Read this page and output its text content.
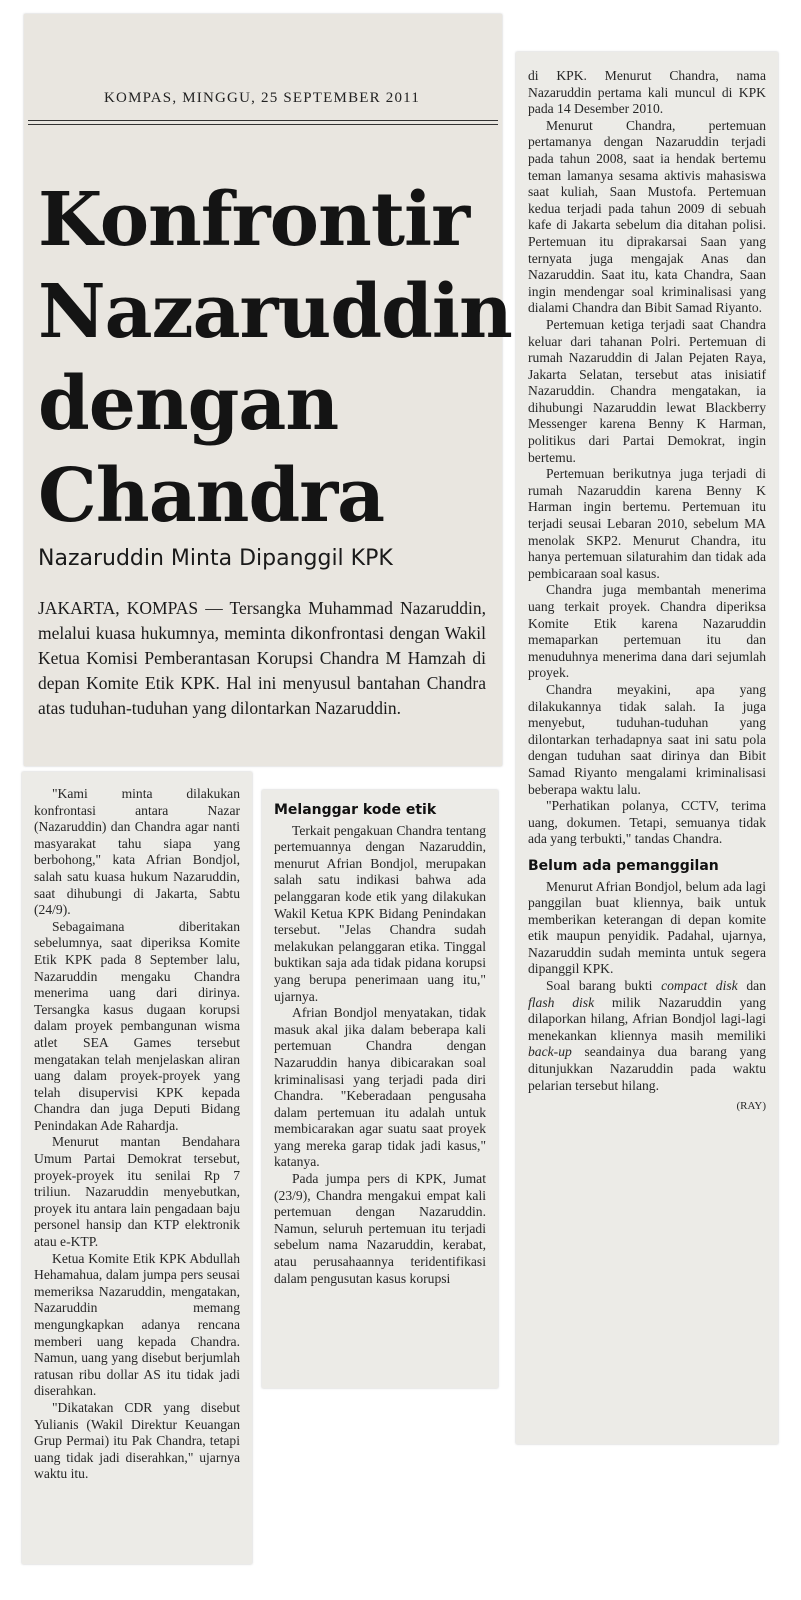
KOMPAS, MINGGU, 25 SEPTEMBER 2011
Konfrontir
Nazaruddin
dengan
Chandra
Nazaruddin Minta Dipanggil KPK
JAKARTA, KOMPAS — Tersangka Muhammad Nazaruddin, melalui kuasa hukumnya, meminta dikonfrontasi dengan Wakil Ketua Komisi Pemberantasan Korupsi Chandra M Hamzah di depan Komite Etik KPK. Hal ini menyusul bantahan Chandra atas tuduhan-tuduhan yang dilontarkan Nazaruddin.

"Kami minta dilakukan konfrontasi antara Nazar (Nazaruddin) dan Chandra agar nanti masyarakat tahu siapa yang berbohong," kata Afrian Bondjol, salah satu kuasa hukum Nazaruddin, saat dihubungi di Jakarta, Sabtu (24/9).

Sebagaimana diberitakan sebelumnya, saat diperiksa Komite Etik KPK pada 8 September lalu, Nazaruddin mengaku Chandra menerima uang dari dirinya. Tersangka kasus dugaan korupsi dalam proyek pembangunan wisma atlet SEA Games tersebut mengatakan telah menjelaskan aliran uang dalam proyek-proyek yang telah disupervisi KPK kepada Chandra dan juga Deputi Bidang Penindakan Ade Rahardja.

Menurut mantan Bendahara Umum Partai Demokrat tersebut, proyek-proyek itu senilai Rp 7 triliun. Nazaruddin menyebutkan, proyek itu antara lain pengadaan baju personel hansip dan KTP elektronik atau e-KTP.

Ketua Komite Etik KPK Abdullah Hehamahua, dalam jumpa pers seusai memeriksa Nazaruddin, mengatakan, Nazaruddin memang mengungkapkan adanya rencana memberi uang kepada Chandra. Namun, uang yang disebut berjumlah ratusan ribu dollar AS itu tidak jadi diserahkan.

"Dikatakan CDR yang disebut Yulianis (Wakil Direktur Keuangan Grup Permai) itu Pak Chandra, tetapi uang tidak jadi diserahkan," ujarnya waktu itu.

Melanggar kode etik

Terkait pengakuan Chandra tentang pertemuannya dengan Nazaruddin, menurut Afrian Bondjol, merupakan salah satu indikasi bahwa ada pelanggaran kode etik yang dilakukan Wakil Ketua KPK Bidang Penindakan tersebut. "Jelas Chandra sudah melakukan pelanggaran etika. Tinggal buktikan saja ada tidak pidana korupsi yang berupa penerimaan uang itu," ujarnya.

Afrian Bondjol menyatakan, tidak masuk akal jika dalam beberapa kali pertemuan Chandra dengan Nazaruddin hanya dibicarakan soal kriminalisasi yang terjadi pada diri Chandra. "Keberadaan pengusaha dalam pertemuan itu adalah untuk membicarakan agar suatu saat proyek yang mereka garap tidak jadi kasus," katanya.

Pada jumpa pers di KPK, Jumat (23/9), Chandra mengakui empat kali pertemuan dengan Nazaruddin. Namun, seluruh pertemuan itu terjadi sebelum nama Nazaruddin, kerabat, atau perusahaannya teridentifikasi dalam pengusutan kasus korupsi

di KPK. Menurut Chandra, nama Nazaruddin pertama kali muncul di KPK pada 14 Desember 2010.

Menurut Chandra, pertemuan pertamanya dengan Nazaruddin terjadi pada tahun 2008, saat ia hendak bertemu teman lamanya sesama aktivis mahasiswa saat kuliah, Saan Mustofa. Pertemuan kedua terjadi pada tahun 2009 di sebuah kafe di Jakarta sebelum dia ditahan polisi. Pertemuan itu diprakarsai Saan yang ternyata juga mengajak Anas dan Nazaruddin. Saat itu, kata Chandra, Saan ingin mendengar soal kriminalisasi yang dialami Chandra dan Bibit Samad Riyanto.

Pertemuan ketiga terjadi saat Chandra keluar dari tahanan Polri. Pertemuan di rumah Nazaruddin di Jalan Pejaten Raya, Jakarta Selatan, tersebut atas inisiatif Nazaruddin. Chandra mengatakan, ia dihubungi Nazaruddin lewat Blackberry Messenger karena Benny K Harman, politikus dari Partai Demokrat, ingin bertemu.

Pertemuan berikutnya juga terjadi di rumah Nazaruddin karena Benny K Harman ingin bertemu. Pertemuan itu terjadi seusai Lebaran 2010, sebelum MA menolak SKP2. Menurut Chandra, itu hanya pertemuan silaturahim dan tidak ada pembicaraan soal kasus.

Chandra juga membantah menerima uang terkait proyek. Chandra diperiksa Komite Etik karena Nazaruddin memaparkan pertemuan itu dan menuduhnya menerima dana dari sejumlah proyek.

Chandra meyakini, apa yang dilakukannya tidak salah. Ia juga menyebut, tuduhan-tuduhan yang dilontarkan terhadapnya saat ini satu pola dengan tuduhan saat dirinya dan Bibit Samad Riyanto mengalami kriminalisasi beberapa waktu lalu.

"Perhatikan polanya, CCTV, terima uang, dokumen. Tetapi, semuanya tidak ada yang terbukti," tandas Chandra.

Belum ada pemanggilan

Menurut Afrian Bondjol, belum ada lagi panggilan buat kliennya, baik untuk memberikan keterangan di depan komite etik maupun penyidik. Padahal, ujarnya, Nazaruddin sudah meminta untuk segera dipanggil KPK.

Soal barang bukti compact disk dan flash disk milik Nazaruddin yang dilaporkan hilang, Afrian Bondjol lagi-lagi menekankan kliennya masih memiliki back-up seandainya dua barang yang ditunjukkan Nazaruddin pada waktu pelarian tersebut hilang.

(RAY)
